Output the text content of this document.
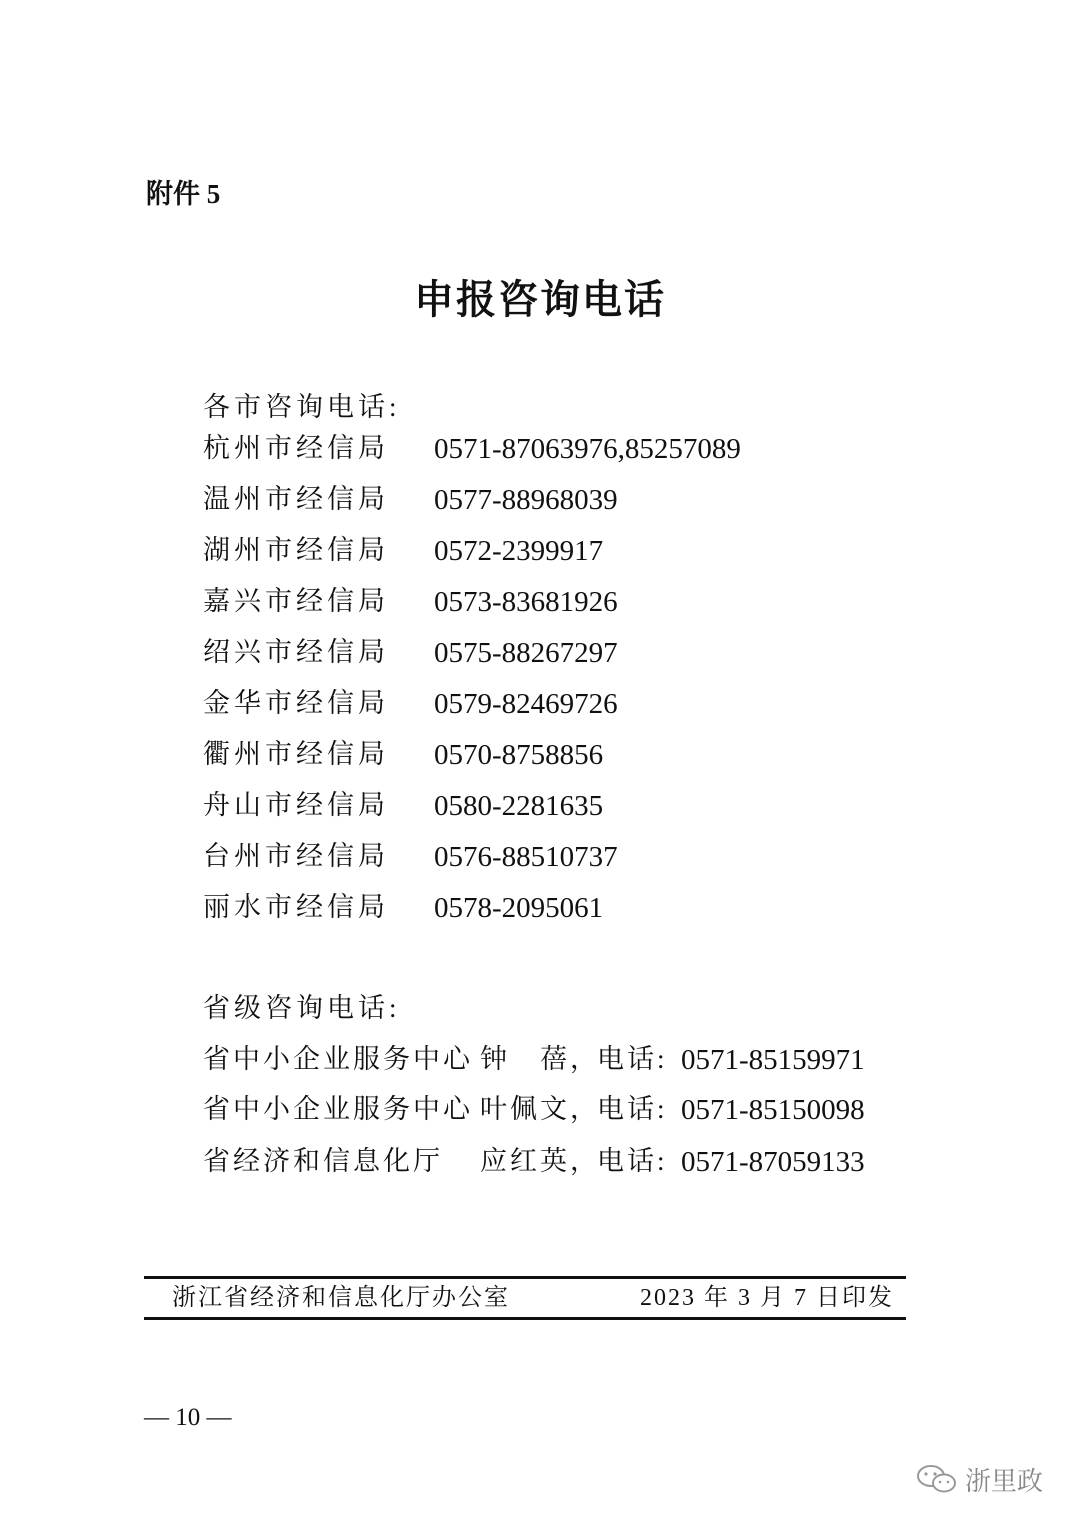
附件 5
申报咨询电话
各市咨询电话:
杭州市经信局 0571-87063976,85257089
温州市经信局 0577-88968039
湖州市经信局 0572-2399917
嘉兴市经信局 0573-83681926
绍兴市经信局 0575-88267297
金华市经信局 0579-82469726
衢州市经信局 0570-8758856
舟山市经信局 0580-2281635
台州市经信局 0576-88510737
丽水市经信局 0578-2095061
省级咨询电话:
省中小企业服务中心 钟　蓓，
电话: 0571-85159971
省中小企业服务中心 叶佩文，
电话: 0571-85150098
省经济和信息化厅 应红英，
电话: 0571-87059133
浙江省经济和信息化厅办公室	2023 年 3 月 7 日印发
— 10 —
浙里政
